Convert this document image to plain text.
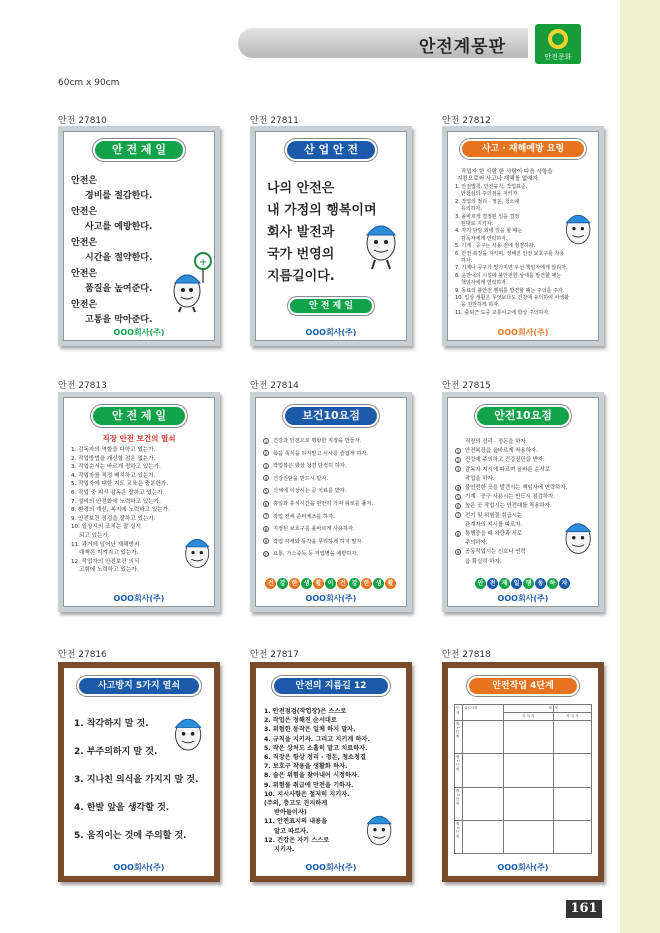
안전계몽판	안전문화
60cm x 90cm
안전 27810	안전 27811	안전 27812
안전 27813	안전 27814	안전 27815
안전 27816	안전 27817	안전 27818
안 전 제 일
안전은
경비를 절감한다.
안전은
사고를 예방한다.
안전은
시간을 절약한다.
안전은
품질을 높여준다.
안전은
고통을 막아준다.
+
OOO회사(주)
산 업 안 전
나의 안전은
내 가정의 행복이며
회사 발전과
국가 번영의
지름길이다.
안 전 제 일
OOO회사(주)
사고 · 재해예방 요령
작업자 한 사람 한 사람이 다음 사항을
지킴으로써 사고나 재해를 없애자.
1. 안전법칙, 안전규칙, 작업표준,
안전심의 주의점을 지키자.
2. 작업의 정리 · 정돈, 청소에
유의하자.
3. 올바르게 결정된 일을 결정
된대로 지키자.
4. 자기 담당 외에 일을 할 때는
감독자에게 연락하자.
5. 기계 · 공구는 사용 전에 점검하자.
6. 안전 복장을 지키며, 정해진 안전 보호구를 착용
하자.
7. 기계나 공구가 망가지면 우선 책임자에게 알리자.
8. 운반내의 시설에 불안전한 상태를 발견할 때는
책임자에게 연락하자.
9. 동료의 불안전 행위를 발견할 때는 주의를 주자.
10. 일상 생활은 무엇보다도 건강에 유의하여 사생활
을 원만하게 하자.
11. 출퇴근 도중 교통사고에 항상 주의하자.
OOO회사(주)
안 전 제 일
직장 안전 보건의 열쇠
1. 감독자의 역할을 다하고 있는가.
2. 작업방법을 개선할 점은 없는가.
3. 작업순서는 바르게 정하고 있는가.
4. 작업자를 적정 배치하고 있는가.
5. 작업자에 대한 지도 교육은 충분한가.
6. 작업 중 지시 감독은 잘하고 있는가.
7. 설비의 안전화에 노력하고 있는가.
8. 환경의 개선, 복지에 노력하고 있는가.
9. 안전보건 점검을 잘하고 있는가.
10. 일상시의 조치는 잘 실시
되고 있는가.
11. 과거에 일어난 재해방지
대책은 지켜지고 있는가.
12. 작업자의 안전보건 의식
고취에 노력하고 있는가.
OOO회사(주)
보건10요점
1 건강과 안전으로 명랑한 직장을 만들자.
2 폭음 폭식을 하지말고 식사를 즐겁게 하자.
3 작업복은 항상 청결 단정히 하자.
4 건강진단을 반드시 받자.
5 신체에 이상시는 곧 치료를 받자.
6 휴일과 휴식시간을 편안히 가져 피로를 풀자.
7 작업 전에 준비체조를 하자.
8 지정된 보호구를 올바르게 사용하자.
9 작업 자세와 동작을 무리하게 하지 말자.
10 요통, 가스중독 등 직업병을 예방하자.
건 강 한 생 활 이 건 강 한 생 활
OOO회사(주)
안전10요점
직장의 정리 · 정돈을 하자.
1 안전복장을 올바르게 착용하자.
2 건강에 주의하고 건강진단을 받자.
3 감독자 지시에 따르며 올바른 순서로
작업을 하자.
4 불안전한 곳을 발견시는 책임자에 연락하자.
5 기계 · 공구 사용시는 반드시 점검하자.
6 높은 곳 작업시는 안전대를 착용하자.
7 전기 및 위험물 취급시는
관계자의 지시를 따르자.
8 통행중을 때 차량과 서로
주의하자.
9 공동작업시는 신호나 연락
을 확실히 하자.
안 전 제 일 행 동 하 자
OOO회사(주)
사고방지 5가지 열쇠
1. 착각하지 말 것.
2. 부주의하지 말 것.
3. 지나친 의식을 가지지 말 것.
4. 한발 앞을 생각할 것.
5. 움직이는 것에 주의할 것.
OOO회사(주)
안전의 지름길 12
1. 안전점검(작업장)은 스스로
2. 작업은 정해진 순서대로
3. 위험한 동작은 일체 하지 말자.
4. 규칙을 지키자. 그리고 지키게 하자.
5. 작은 상처도 소홀히 말고 치료하자.
6. 직장은 항상 정리 · 정돈, 청소청결
7. 보호구 착용을 생활화 하자.
8. 술은 위험을 찾아내어 시정하자.
9. 위험물 취급에 만전을 기하자.
10. 지시사항은 철저히 지키자.
(주의, 충고도 진지하게
받아들이자)
11. 안전표지의 내용을
알고 따르자.
12. 건강은 자기 스스로
지키자.
OOO회사(주)
안전작업 4단계
단계	실시사항	세	목
		감 독 자	작 업 자
제 1 단 계			
제 2 단 계			
제 3 단 계			
제 4 단 계			
OOO회사(주)
161
